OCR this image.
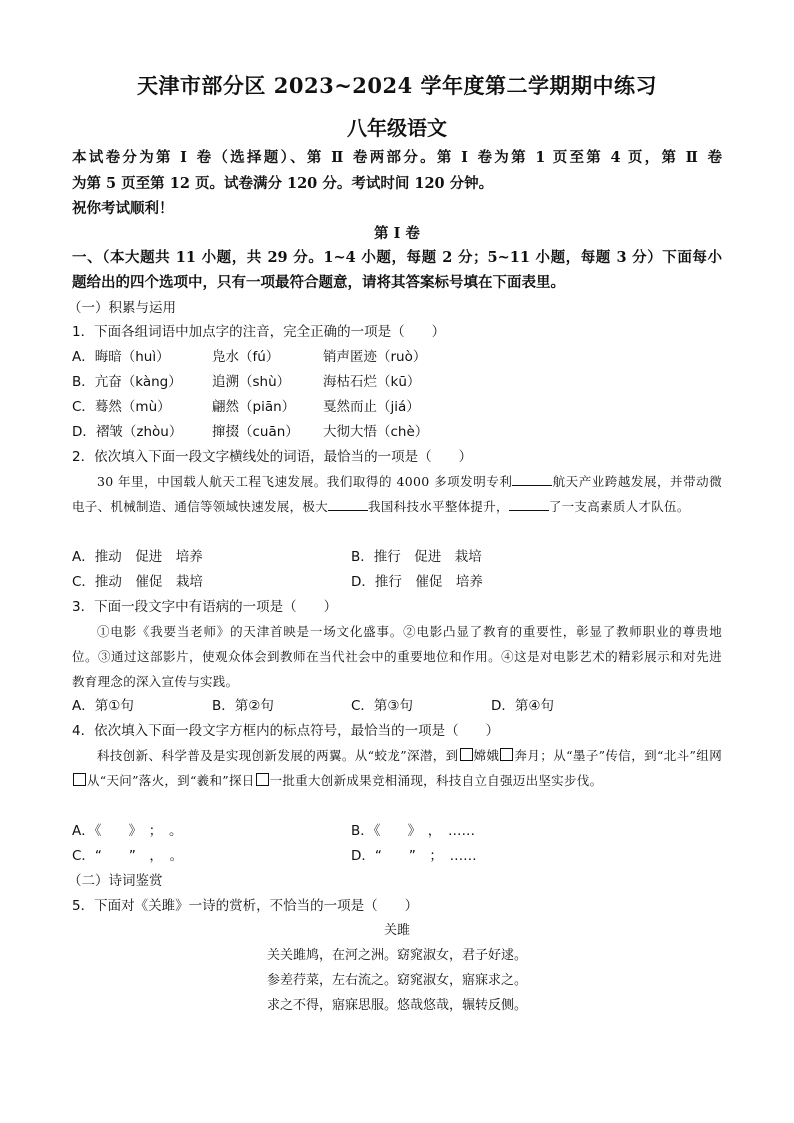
天津市部分区 2023~2024 学年度第二学期期中练习
八年级语文
本试卷分为第 Ⅰ 卷（选择题）、第 Ⅱ 卷两部分。第 Ⅰ 卷为第 1 页至第 4 页，第 Ⅱ 卷
为第 5 页至第 12 页。试卷满分 120 分。考试时间 120 分钟。
祝你考试顺利！
第 Ⅰ 卷
一、（本大题共 11 小题，共 29 分。1~4 小题，每题 2 分；5~11 小题，每题 3 分）下面每小
题给出的四个选项中，只有一项最符合题意，请将其答案标号填在下面表里。
（一）积累与运用
1．下面各组词语中加点字的注音，完全正确的一项是（　　）
A．晦暗（huì）	凫水（fú）	销声匿迹（ruò）
B．亢奋（kàng） 追溯（shù） 海枯石烂（kū）
C．蓦然（mù）	翩然（piān） 戛然而止（jiá）
D．褶皱（zhòu） 撺掇（cuān） 大彻大悟（chè）
2．依次填入下面一段文字横线处的词语，最恰当的一项是（　　）
30 年里，中国载人航天工程飞速发展。我们取得的 4000 多项发明专利	航天产业跨越发展，并带动微电子、机械制造、通信等领域快速发展，极大	我国科技水平整体提升，	了一支高素质人才队伍。
A．推动　促进　培养	B．推行　促进　栽培
C．推动　催促　栽培	D．推行　催促　培养
3．下面一段文字中有语病的一项是（　　）
①电影《我要当老师》的天津首映是一场文化盛事。②电影凸显了教育的重要性，彰显了教师职业的尊贵地位。③通过这部影片，使观众体会到教师在当代社会中的重要地位和作用。④这是对电影艺术的精彩展示和对先进教育理念的深入宣传与实践。
A．第①句	B．第②句	C．第③句	D．第④句
4．依次填入下面一段文字方框内的标点符号，最恰当的一项是（　　）
科技创新、科学普及是实现创新发展的两翼。从“蛟龙”深潜，到 嫦娥 奔月；从“墨子”传信，到“北斗”组网从“天问”落火，到“羲和”探日 一批重大创新成果竞相涌现，科技自立自强迈出坚实步伐。
A．《　　》　；　。	B．《　　》　，　……
C．“　　”　，　。	D．“　　”　；　……
（二）诗词鉴赏
5．下面对《关雎》一诗的赏析，不恰当的一项是（　　）
关雎
关关雎鸠，在河之洲。窈窕淑女，君子好逑。
参差荇菜，左右流之。窈窕淑女，寤寐求之。
求之不得，寤寐思服。悠哉悠哉，辗转反侧。
